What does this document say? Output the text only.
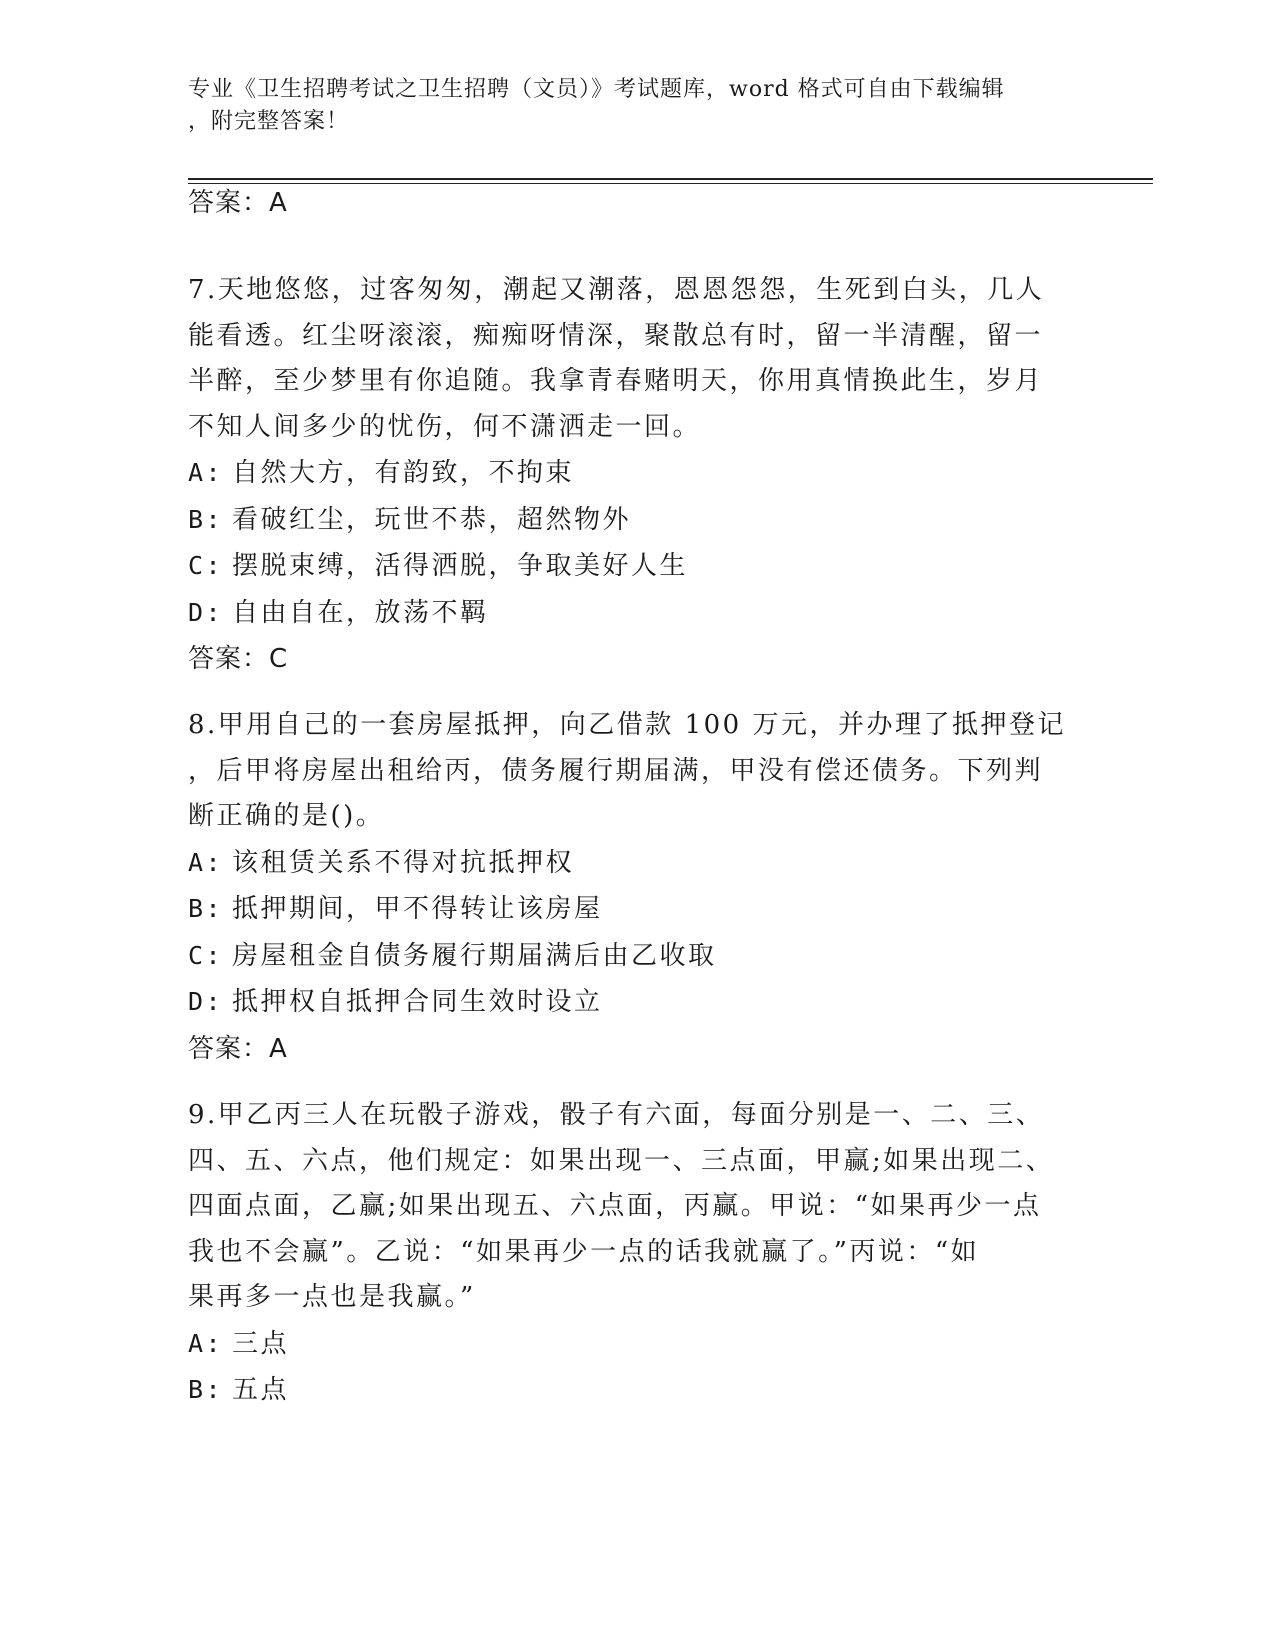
专业《卫生招聘考试之卫生招聘（文员）》考试题库，word 格式可自由下载编辑
，附完整答案！
答案：A
7.天地悠悠，过客匆匆，潮起又潮落，恩恩怨怨，生死到白头，几人
能看透。红尘呀滚滚，痴痴呀情深，聚散总有时，留一半清醒，留一
半醉，至少梦里有你追随。我拿青春赌明天，你用真情换此生，岁月
不知人间多少的忧伤，何不潇洒走一回。
A: 自然大方，有韵致，不拘束
B: 看破红尘，玩世不恭，超然物外
C: 摆脱束缚，活得洒脱，争取美好人生
D: 自由自在，放荡不羁
答案：C
8.甲用自己的一套房屋抵押，向乙借款 100 万元，并办理了抵押登记
，后甲将房屋出租给丙，债务履行期届满，甲没有偿还债务。下列判
断正确的是()。
A: 该租赁关系不得对抗抵押权
B: 抵押期间，甲不得转让该房屋
C: 房屋租金自债务履行期届满后由乙收取
D: 抵押权自抵押合同生效时设立
答案：A
9.甲乙丙三人在玩骰子游戏，骰子有六面，每面分别是一、二、三、
四、五、六点，他们规定：如果出现一、三点面，甲赢;如果出现二、
四面点面，乙赢;如果出现五、六点面，丙赢。甲说：“如果再少一点
我也不会赢”。乙说：“如果再少一点的话我就赢了。”丙说：“如
果再多一点也是我赢。”
A: 三点
B: 五点
